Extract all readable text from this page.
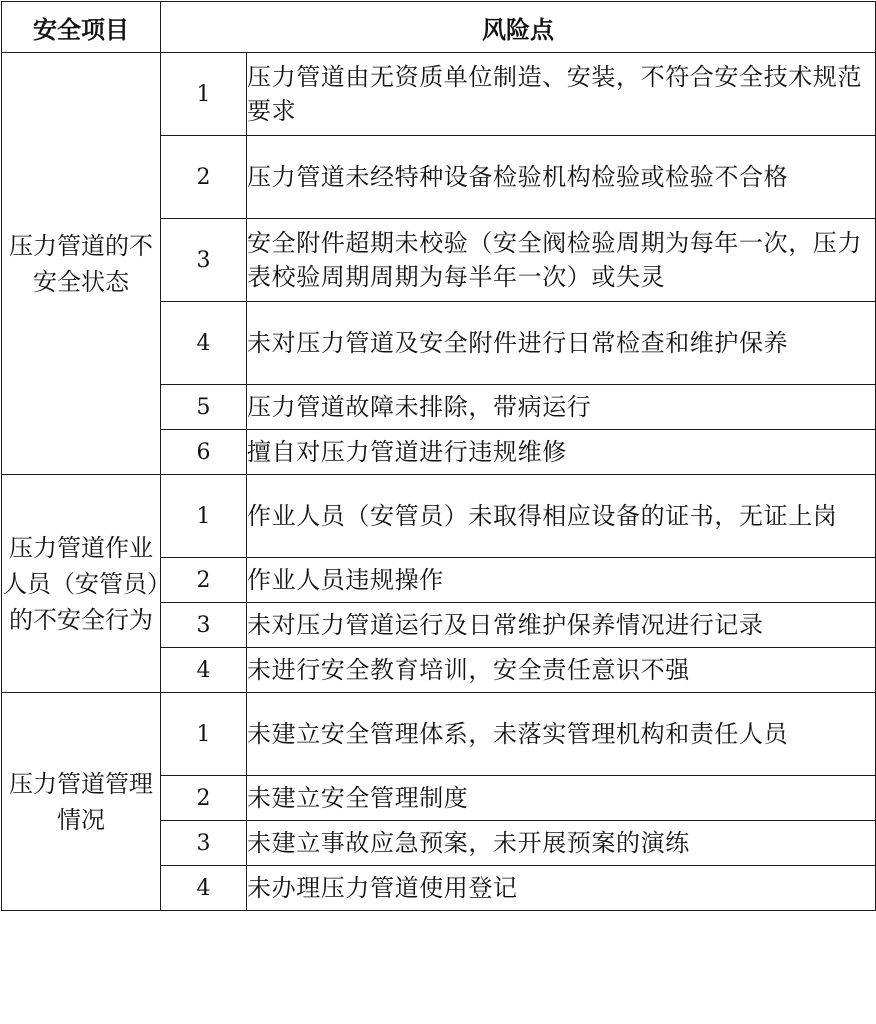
安全项目	风险点	
压力管道的不安全状态	1	压力管道由无资质单位制造、安装，不符合安全技术规范要求
	2	压力管道未经特种设备检验机构检验或检验不合格
	3	安全附件超期未校验（安全阀检验周期为每年一次，压力表校验周期周期为每半年一次）或失灵
	4	未对压力管道及安全附件进行日常检查和维护保养
	5	压力管道故障未排除，带病运行
	6	擅自对压力管道进行违规维修
压力管道作业人员（安管员）的不安全行为	1	作业人员（安管员）未取得相应设备的证书，无证上岗
	2	作业人员违规操作
	3	未对压力管道运行及日常维护保养情况进行记录
	4	未进行安全教育培训，安全责任意识不强
压力管道管理情况	1	未建立安全管理体系，未落实管理机构和责任人员
	2	未建立安全管理制度
	3	未建立事故应急预案，未开展预案的演练
	4	未办理压力管道使用登记
